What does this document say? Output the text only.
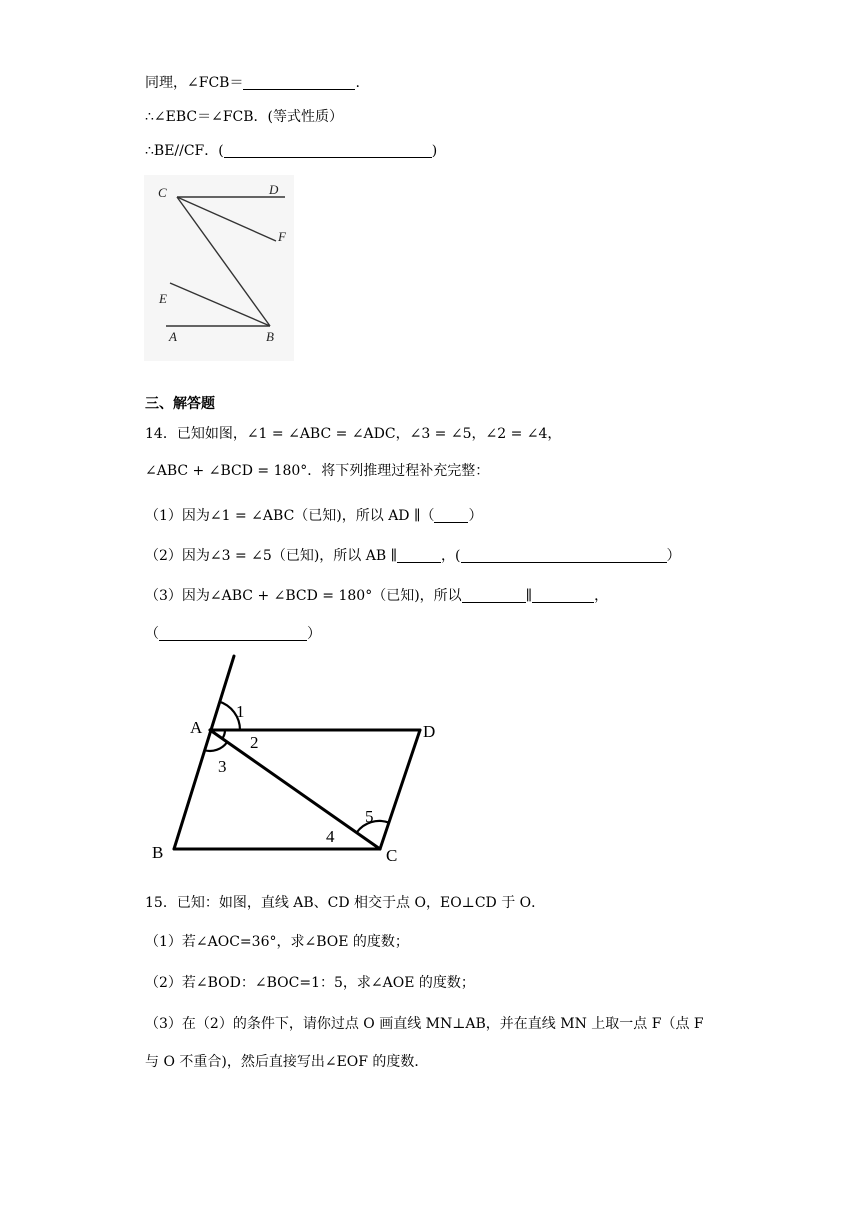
同理，∠FCB＝	.
∴∠EBC＝∠FCB．(等式性质）
∴BE//CF．(	)
C	D
F
E
A	B
三、解答题
14．已知如图，∠1 = ∠ABC = ∠ADC，∠3 = ∠5，∠2 = ∠4，
∠ABC + ∠BCD = 180°．将下列推理过程补充完整：
（1）因为∠1 = ∠ABC（已知)，所以 AD ∥（ ）
（2）因为∠3 = ∠5（已知)，所以 AB ∥	，(	）
（3）因为∠ABC + ∠BCD = 180°（已知)，所以	∥	，
（	）
A	D
B	C
1
2
3
4
5
15．已知：如图，直线 AB、CD 相交于点 O，EO⊥CD 于 O．
（1）若∠AOC=36°，求∠BOE 的度数；
（2）若∠BOD：∠BOC=1：5，求∠AOE 的度数；
（3）在（2）的条件下，请你过点 O 画直线 MN⊥AB，并在直线 MN 上取一点 F（点 F
与 O 不重合)，然后直接写出∠EOF 的度数．
